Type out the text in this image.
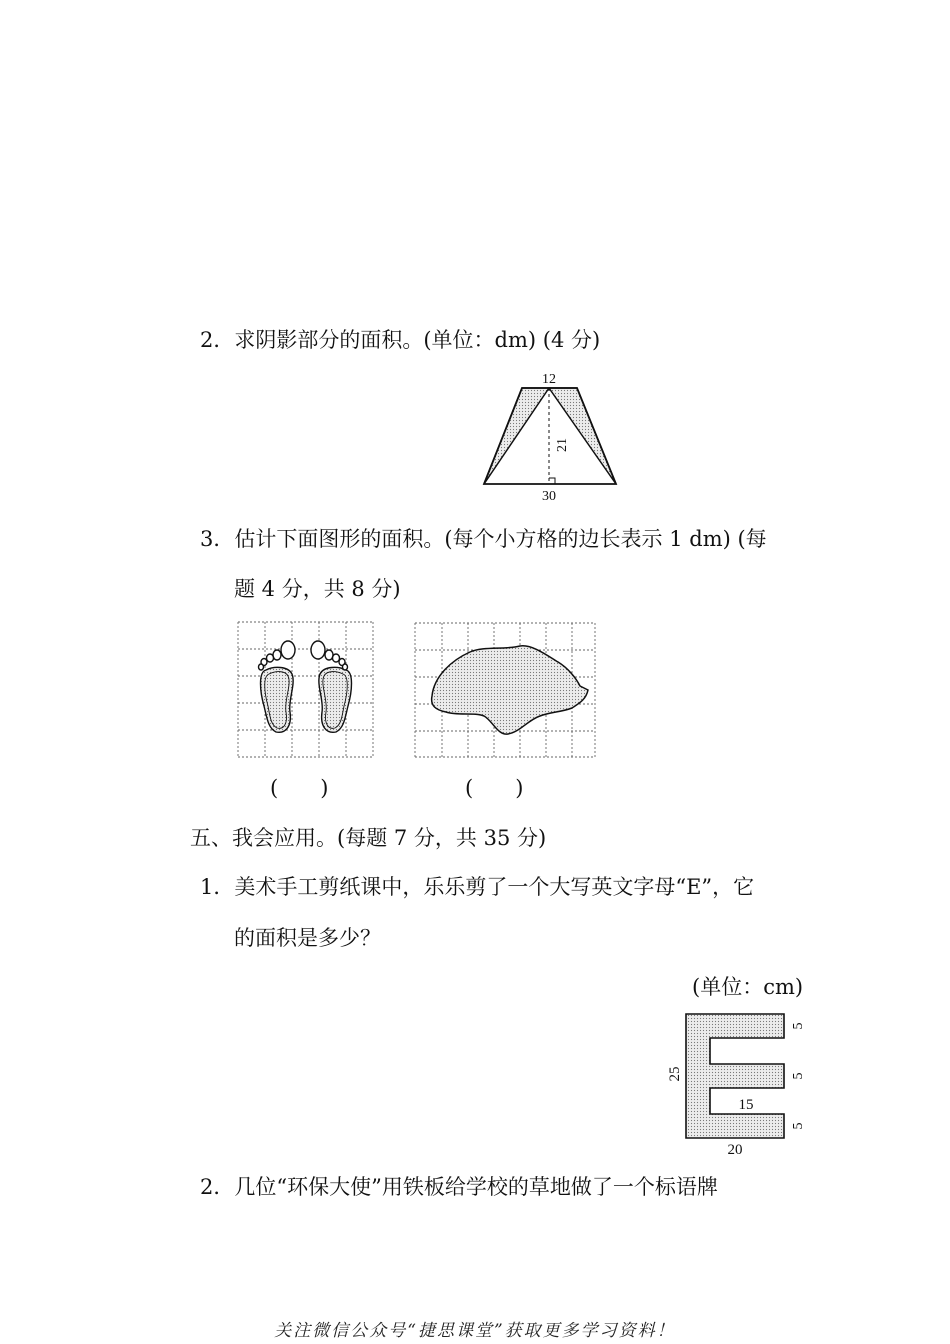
2．求阴影部分的面积。(单位：dm) (4 分)
12
21
30
3．估计下面图形的面积。(每个小方格的边长表示 1 dm) (每
题 4 分，共 8 分)
(　　)	(　　)
五、我会应用。(每题 7 分，共 35 分)
1．美术手工剪纸课中，乐乐剪了一个大写英文字母“E”，它
的面积是多少？
(单位：cm)
25
20
15
5
5
5
2．几位“环保大使”用铁板给学校的草地做了一个标语牌
关注微信公众号“捷思课堂”获取更多学习资料！
